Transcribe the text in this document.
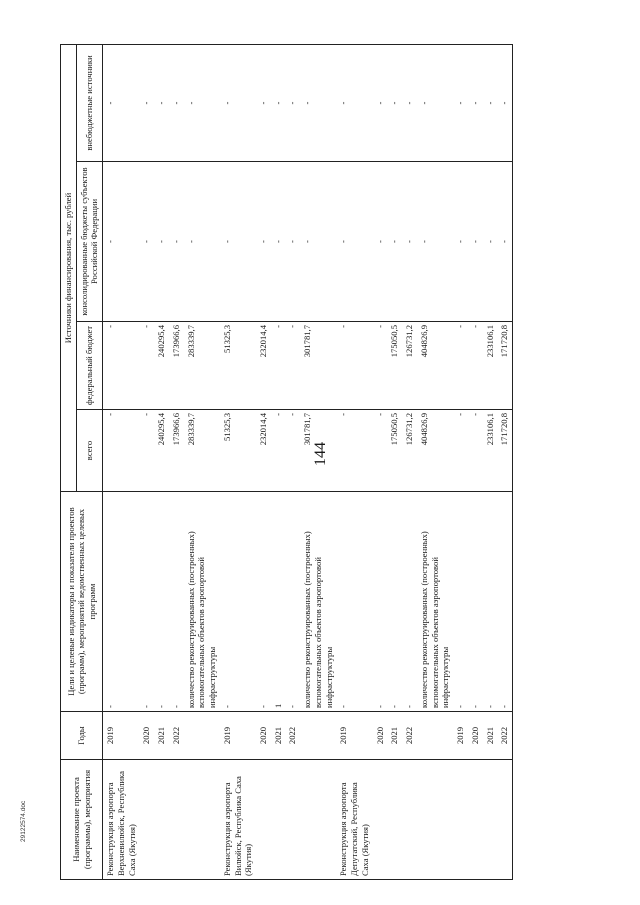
144
Наименование проекта (программы), мероприятия	Годы	Цели и целевые индикаторы и показатели проектов (программ), мероприятий ведомственных целевых программ	Источники финансирования, тыс. рублей			
			всего	федеральный бюджет	консолидированные бюджеты субъектов Российской Федерации	внебюджетные источники
Реконструкция аэропорта Верхневилюйск, Республика Саха (Якутия)	2019	-	-	-	-	-
	2020	-	-	-	-	-
	2021	-	240295,4	240295,4	-	-
	2022	-	173966,6	173966,6	-	-
		количество реконструированных (построенных) вспомогательных объектов аэропортовой инфраструктуры	283339,7	283339,7	-	-
Реконструкция аэропорта Вилюйск, Республика Саха (Якутия)	2019	-	51325,3	51325,3	-	-
	2020	-	232014,4	232014,4	-	-
	2021	1	-	-	-	-
	2022	-	-	-	-	-
		количество реконструированных (построенных) вспомогательных объектов аэропортовой инфраструктуры	301781,7	301781,7	-	-
Реконструкция аэропорта Депутатский, Республика Саха (Якутия)	2019	-	-	-	-	-
	2020	-	-	-	-	-
	2021	-	175050,5	175050,5	-	-
	2022	-	126731,2	126731,2	-	-
		количество реконструированных (построенных) вспомогательных объектов аэропортовой инфраструктуры	404826,9	404826,9	-	-
	2019	-	-	-	-	-
	2020	-	-	-	-	-
	2021	-	233106,1	233106,1	-	-
	2022	-	171720,8	171720,8	-	-
29122574.doc
